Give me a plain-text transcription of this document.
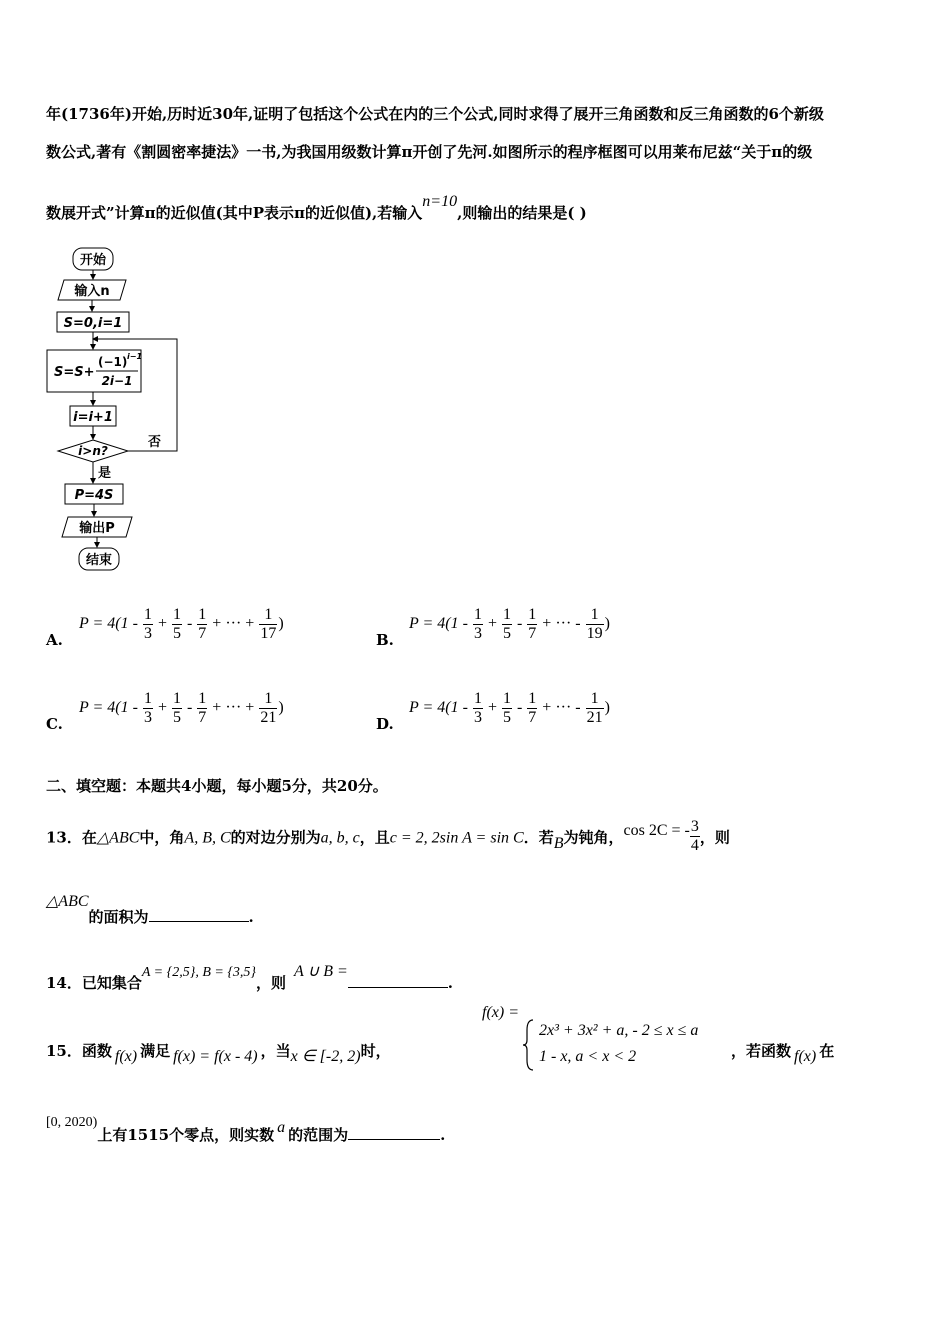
年(1736年)开始,历时近30年,证明了包括这个公式在内的三个公式,同时求得了展开三角函数和反三角函数的6个新级
数公式,著有《割圆密率捷法》一书,为我国用级数计算π开创了先河.如图所示的程序框图可以用莱布尼兹“关于π的级
数展开式”计算π的近似值(其中P表示π的近似值),若输入n=10,则输出的结果是( )
开始
输入n
S=0,i=1
S=S+
(−1) i−1
2i−1
i=i+1
i>n?
否
是
P=4S
输出P
结束
A.
$P = 4(1 - \frac{1}{3} + \frac{1}{5} - \frac{1}{7}$ + ··· + $\frac{1}{17}$ )
B.
$P = 4(1 - \frac{1}{3} + \frac{1}{5} - \frac{1}{7}$ + ··· - $\frac{1}{19}$ )
C.
$P = 4(1 - \frac{1}{3} + \frac{1}{5} - \frac{1}{7}$ + ··· + $\frac{1}{21}$ )
D.
$P = 4(1 - \frac{1}{3} + \frac{1}{5} - \frac{1}{7}$ + ··· - $\frac{1}{21}$ )
二、填空题：本题共4小题，每小题5分，共20分。
13．在△ABC中，角A, B, C的对边分别为a, b, c，且c = 2, 2sin A = sin C．若B为钝角，cos 2C = - $\frac{3}{4}$ ，则
△ABC的面积为	.
14．已知集合A = {2,5}, B = {3,5}，则A ∪ B =.
15．函数 f(x) 满足 f(x) = f(x - 4) ，当x ∈ [-2, 2)时，
f(x) =
2x³ + 3x² + a, - 2 ≤ x ≤ a
1 - x, a < x < 2	，若函数 f(x) 在
[0, 2020)上有1515个零点，则实数 a 的范围为	.
